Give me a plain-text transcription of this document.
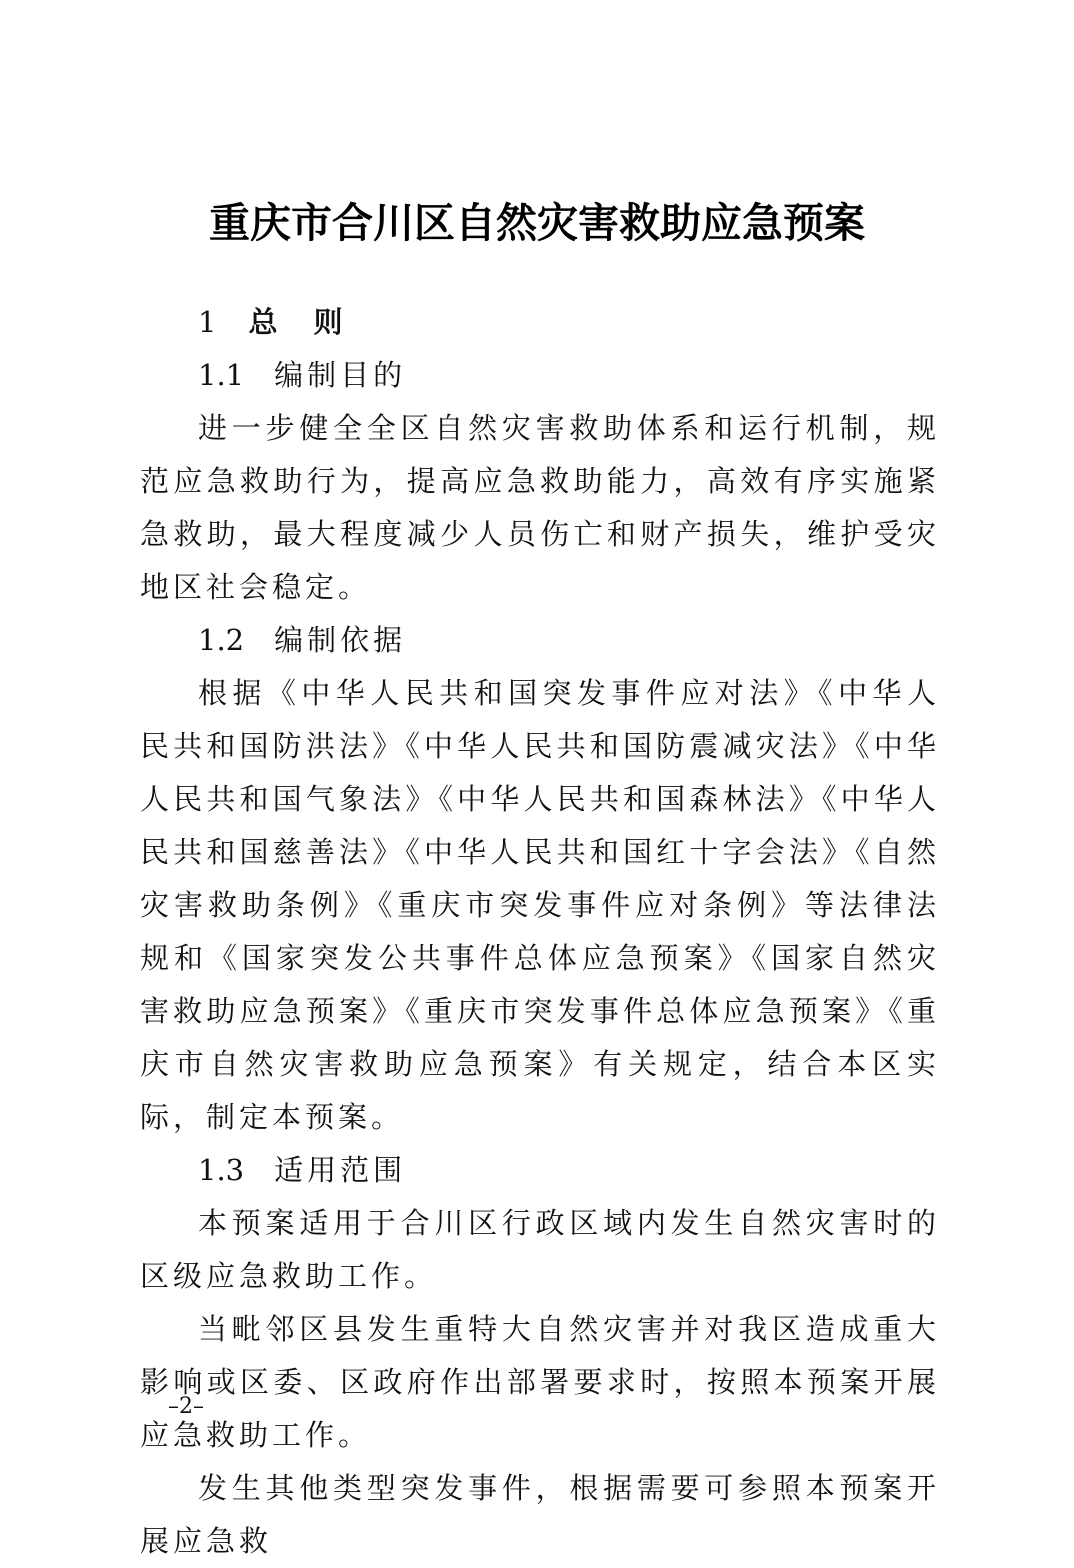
重庆市合川区自然灾害救助应急预案
1 总 则
1.1 编制目的

进一步健全全区自然灾害救助体系和运行机制，规范应急救助行为，提高应急救助能力，高效有序实施紧急救助，最大程度减少人员伤亡和财产损失，维护受灾地区社会稳定。

1.2 编制依据

根据《中华人民共和国突发事件应对法》《中华人民共和国防洪法》《中华人民共和国防震减灾法》《中华人民共和国气象法》《中华人民共和国森林法》《中华人民共和国慈善法》《中华人民共和国红十字会法》《自然灾害救助条例》《重庆市突发事件应对条例》等法律法规和《国家突发公共事件总体应急预案》《国家自然灾害救助应急预案》《重庆市突发事件总体应急预案》《重庆市自然灾害救助应急预案》有关规定，结合本区实际，制定本预案。

1.3 适用范围

本预案适用于合川区行政区域内发生自然灾害时的区级应急救助工作。

当毗邻区县发生重特大自然灾害并对我区造成重大影响或区委、区政府作出部署要求时，按照本预案开展应急救助工作。

发生其他类型突发事件，根据需要可参照本预案开展应急救

–2–
